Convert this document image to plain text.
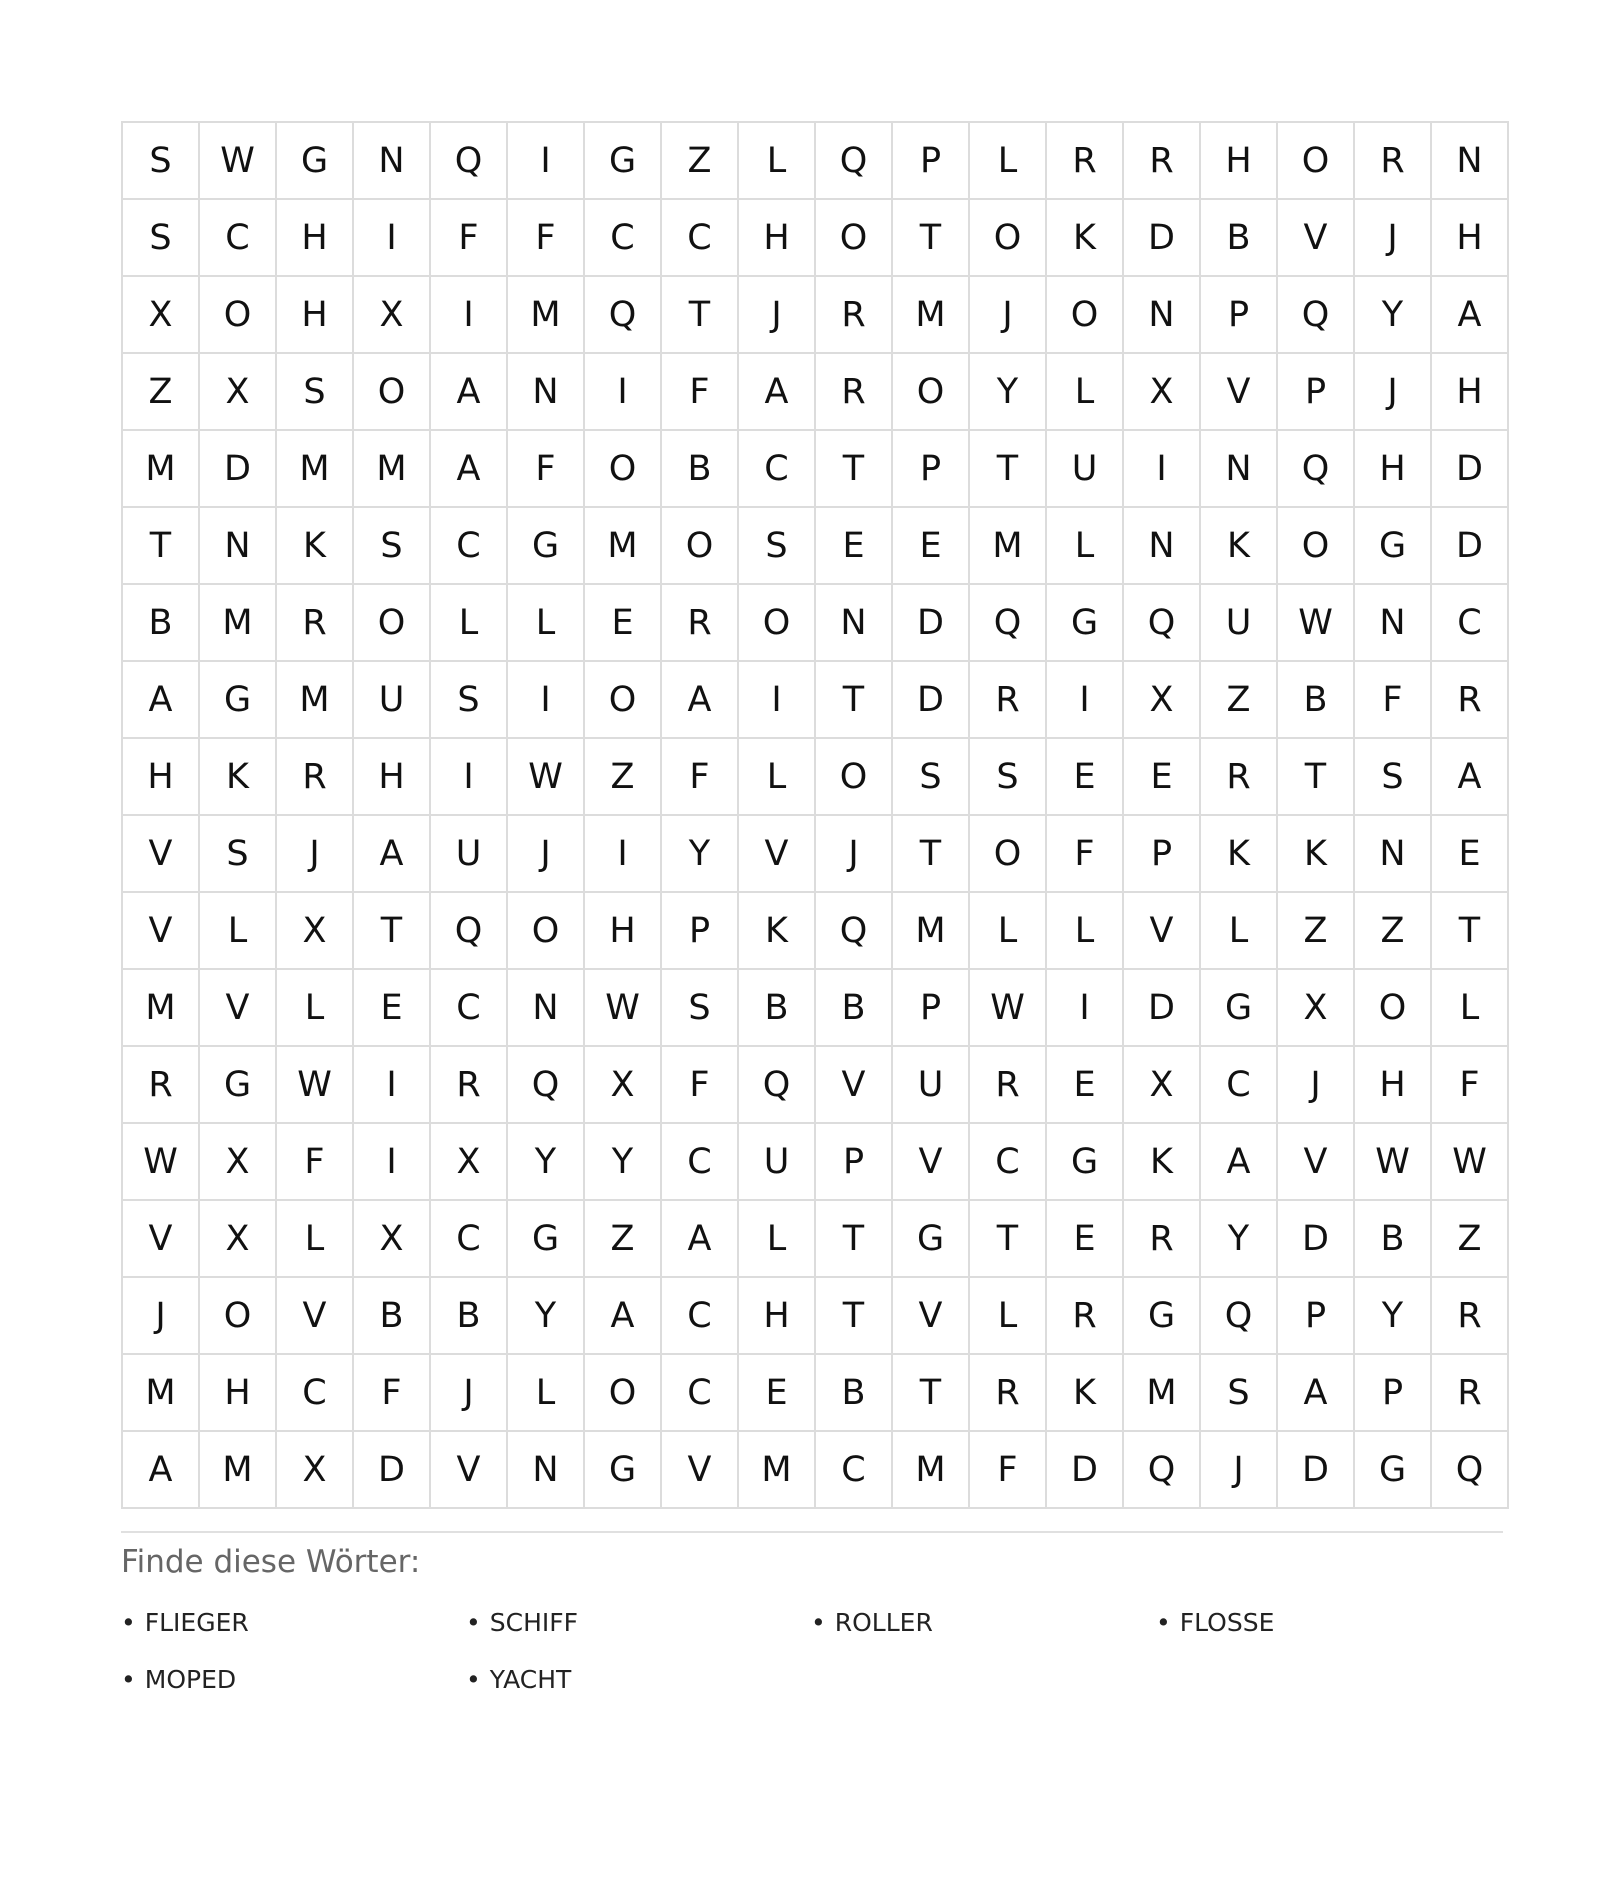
S	W	G	N	Q	I	G	Z	L	Q	P	L	R	R	H	O	R	N
S	C	H	I	F	F	C	C	H	O	T	O	K	D	B	V	J	H
X	O	H	X	I	M	Q	T	J	R	M	J	O	N	P	Q	Y	A
Z	X	S	O	A	N	I	F	A	R	O	Y	L	X	V	P	J	H
M	D	M	M	A	F	O	B	C	T	P	T	U	I	N	Q	H	D
T	N	K	S	C	G	M	O	S	E	E	M	L	N	K	O	G	D
B	M	R	O	L	L	E	R	O	N	D	Q	G	Q	U	W	N	C
A	G	M	U	S	I	O	A	I	T	D	R	I	X	Z	B	F	R
H	K	R	H	I	W	Z	F	L	O	S	S	E	E	R	T	S	A
V	S	J	A	U	J	I	Y	V	J	T	O	F	P	K	K	N	E
V	L	X	T	Q	O	H	P	K	Q	M	L	L	V	L	Z	Z	T
M	V	L	E	C	N	W	S	B	B	P	W	I	D	G	X	O	L
R	G	W	I	R	Q	X	F	Q	V	U	R	E	X	C	J	H	F
W	X	F	I	X	Y	Y	C	U	P	V	C	G	K	A	V	W	W
V	X	L	X	C	G	Z	A	L	T	G	T	E	R	Y	D	B	Z
J	O	V	B	B	Y	A	C	H	T	V	L	R	G	Q	P	Y	R
M	H	C	F	J	L	O	C	E	B	T	R	K	M	S	A	P	R
A	M	X	D	V	N	G	V	M	C	M	F	D	Q	J	D	G	Q
Finde diese Wörter:
• FLIEGER	• SCHIFF	• ROLLER	• FLOSSE
• MOPED	• YACHT
